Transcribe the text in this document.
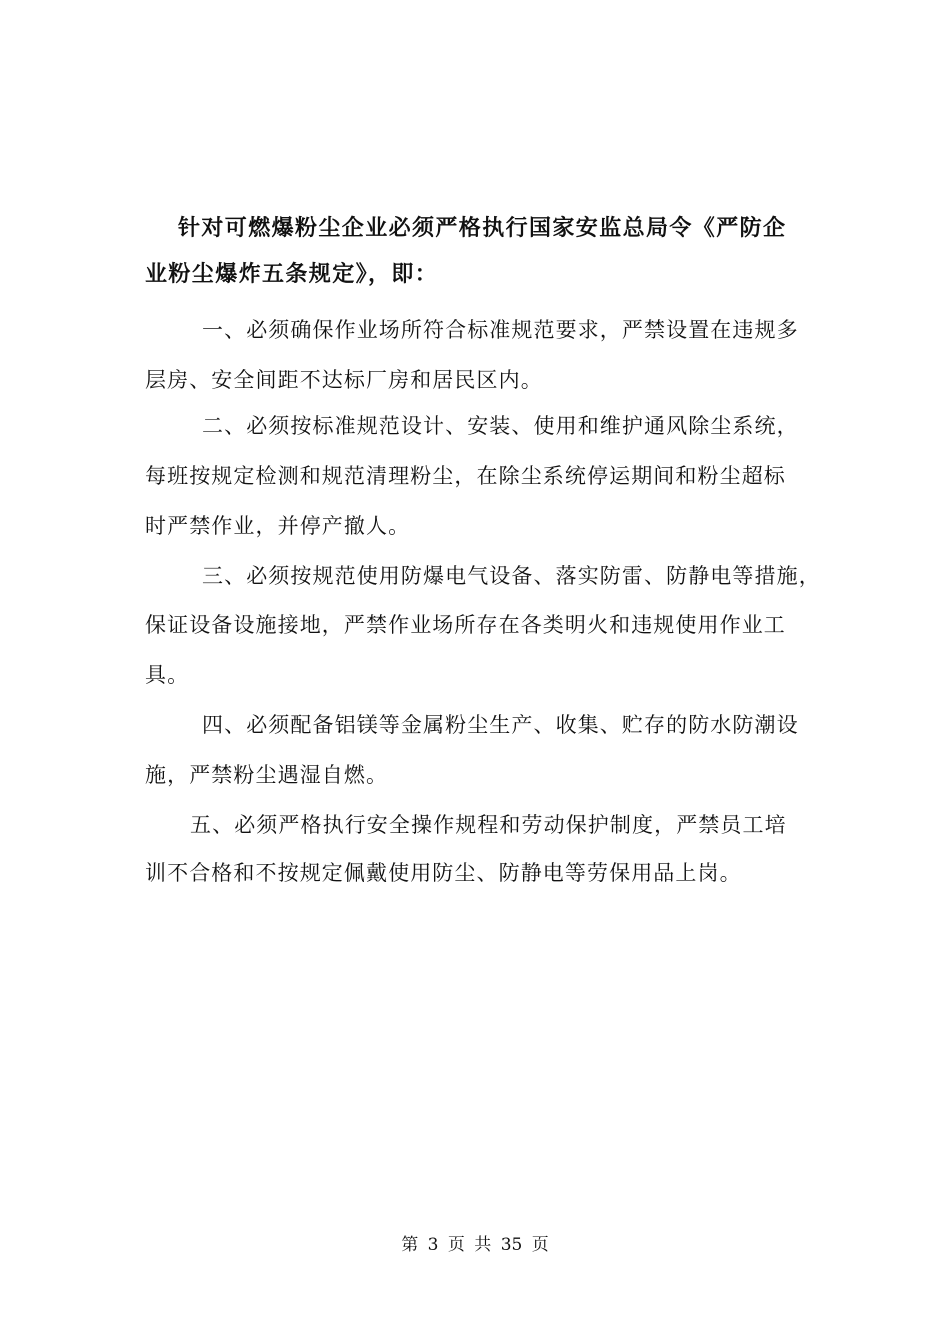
针对可燃爆粉尘企业必须严格执行国家安监总局令《严防企
业粉尘爆炸五条规定》，即：
一、必须确保作业场所符合标准规范要求，严禁设置在违规多
层房、安全间距不达标厂房和居民区内。
二、必须按标准规范设计、安装、使用和维护通风除尘系统，
每班按规定检测和规范清理粉尘，在除尘系统停运期间和粉尘超标
时严禁作业，并停产撤人。
三、必须按规范使用防爆电气设备、落实防雷、防静电等措施，
保证设备设施接地，严禁作业场所存在各类明火和违规使用作业工
具。
四、必须配备铝镁等金属粉尘生产、收集、贮存的防水防潮设
施，严禁粉尘遇湿自燃。
五、必须严格执行安全操作规程和劳动保护制度，严禁员工培
训不合格和不按规定佩戴使用防尘、防静电等劳保用品上岗。
第 3 页 共 35 页
